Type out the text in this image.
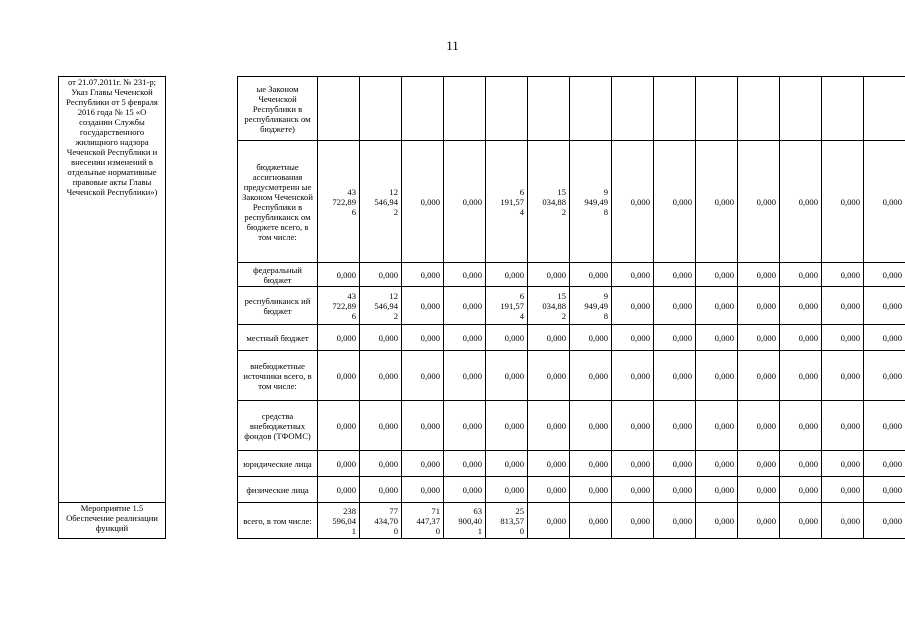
11
от 21.07.2011г. № 231-р; Указ Главы Чеченской Республики от 5 февраля 2016 года № 15 «О создании Службы государственного жилищного надзора Чеченской Республики и внесении изменений в отдельные нормативные правовые акты Главы Чеченской Республики»)		ые Законом Чеченской Республики в республиканск ом бюджете)														
		бюджетные ассигнования предусмотренн ые Законом Чеченской Республики в республиканск ом бюджете всего, в том числе:	43
722,89
6	12
546,94
2	0,000	0,000	6
191,57
4	15
034,88
2	9
949,49
8	0,000	0,000	0,000	0,000	0,000	0,000	0,000
		федеральный бюджет	0,000	0,000	0,000	0,000	0,000	0,000	0,000	0,000	0,000	0,000	0,000	0,000	0,000	0,000
		республиканск ий бюджет	43
722,89
6	12
546,94
2	0,000	0,000	6
191,57
4	15
034,88
2	9
949,49
8	0,000	0,000	0,000	0,000	0,000	0,000	0,000
		местный бюджет	0,000	0,000	0,000	0,000	0,000	0,000	0,000	0,000	0,000	0,000	0,000	0,000	0,000	0,000
		внебюджетные источники всего, в том числе:	0,000	0,000	0,000	0,000	0,000	0,000	0,000	0,000	0,000	0,000	0,000	0,000	0,000	0,000
		средства внебюджетных фондов (ТФОМС)	0,000	0,000	0,000	0,000	0,000	0,000	0,000	0,000	0,000	0,000	0,000	0,000	0,000	0,000
		юридические лица	0,000	0,000	0,000	0,000	0,000	0,000	0,000	0,000	0,000	0,000	0,000	0,000	0,000	0,000
		физические лица	0,000	0,000	0,000	0,000	0,000	0,000	0,000	0,000	0,000	0,000	0,000	0,000	0,000	0,000
Мероприятие 1.5 Обеспечение реализации функций		всего, в том числе:	238
596,04
1	77
434,70
0	71
447,37
0	63
900,40
1	25
813,57
0	0,000	0,000	0,000	0,000	0,000	0,000	0,000	0,000	0,000
